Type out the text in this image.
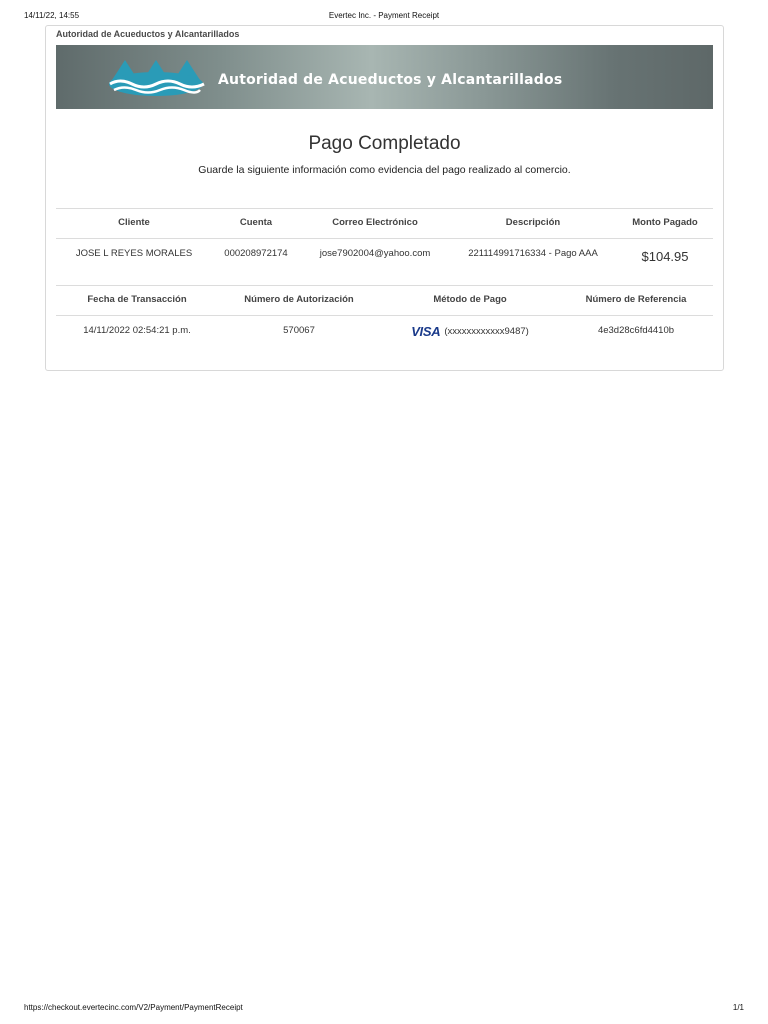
14/11/22, 14:55	Evertec Inc. - Payment Receipt
Autoridad de Acueductos y Alcantarillados
Autoridad de Acueductos y Alcantarillados
Pago Completado
Guarde la siguiente información como evidencia del pago realizado al comercio.
Cliente	Cuenta	Correo Electrónico	Descripción	Monto Pagado
JOSE L REYES MORALES	000208972174	jose7902004@yahoo.com	221114991716334 - Pago AAA	$104.95
Fecha de Transacción	Número de Autorización	Método de Pago	Número de Referencia
14/11/2022 02:54:21 p.m.	570067	VISA (xxxxxxxxxxxx9487)	4e3d28c6fd4410b
https://checkout.evertecinc.com/V2/Payment/PaymentReceipt	1/1
